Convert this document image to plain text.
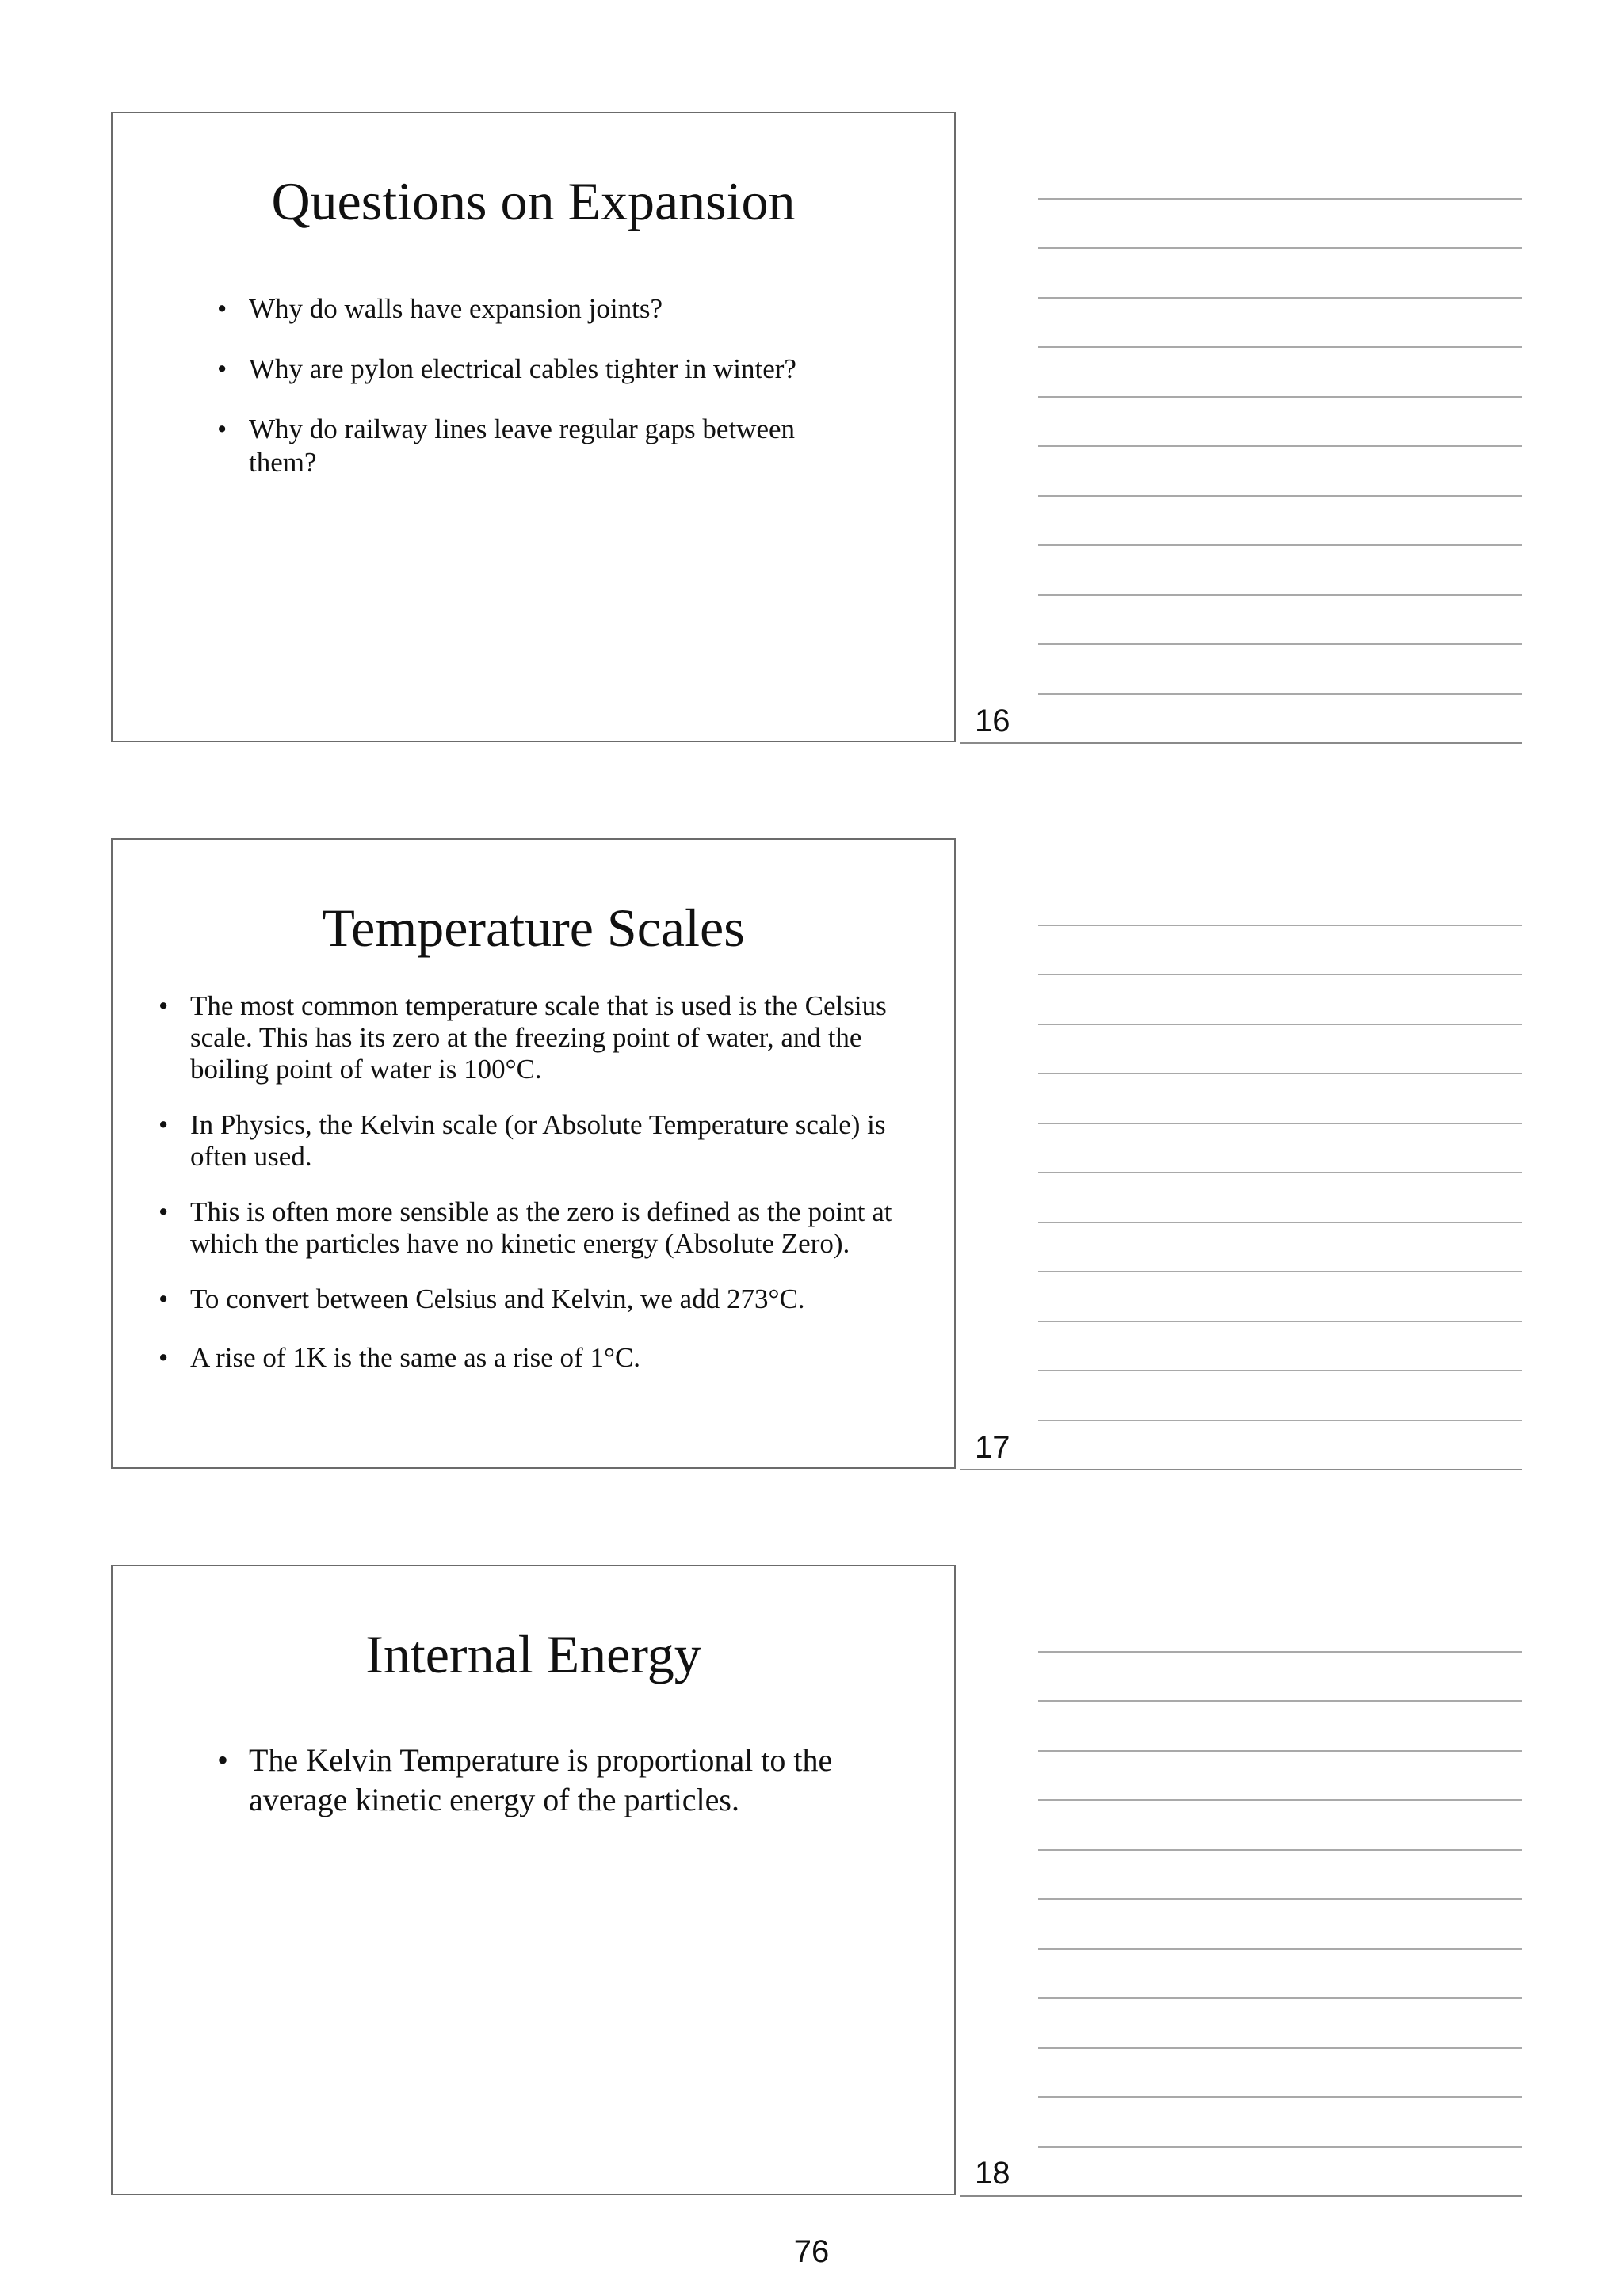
Questions on Expansion
• Why do walls have expansion joints?
• Why are pylon electrical cables tighter in winter?
• Why do railway lines leave regular gaps between them?
16
Temperature Scales
• The most common temperature scale that is used is the Celsius scale. This has its zero at the freezing point of water, and the boiling point of water is 100°C.
• In Physics, the Kelvin scale (or Absolute Temperature scale) is often used.
• This is often more sensible as the zero is defined as the point at which the particles have no kinetic energy (Absolute Zero).
• To convert between Celsius and Kelvin, we add 273°C.
• A rise of 1K is the same as a rise of 1°C.
17
Internal Energy
• The Kelvin Temperature is proportional to the average kinetic energy of the particles.
18
76
